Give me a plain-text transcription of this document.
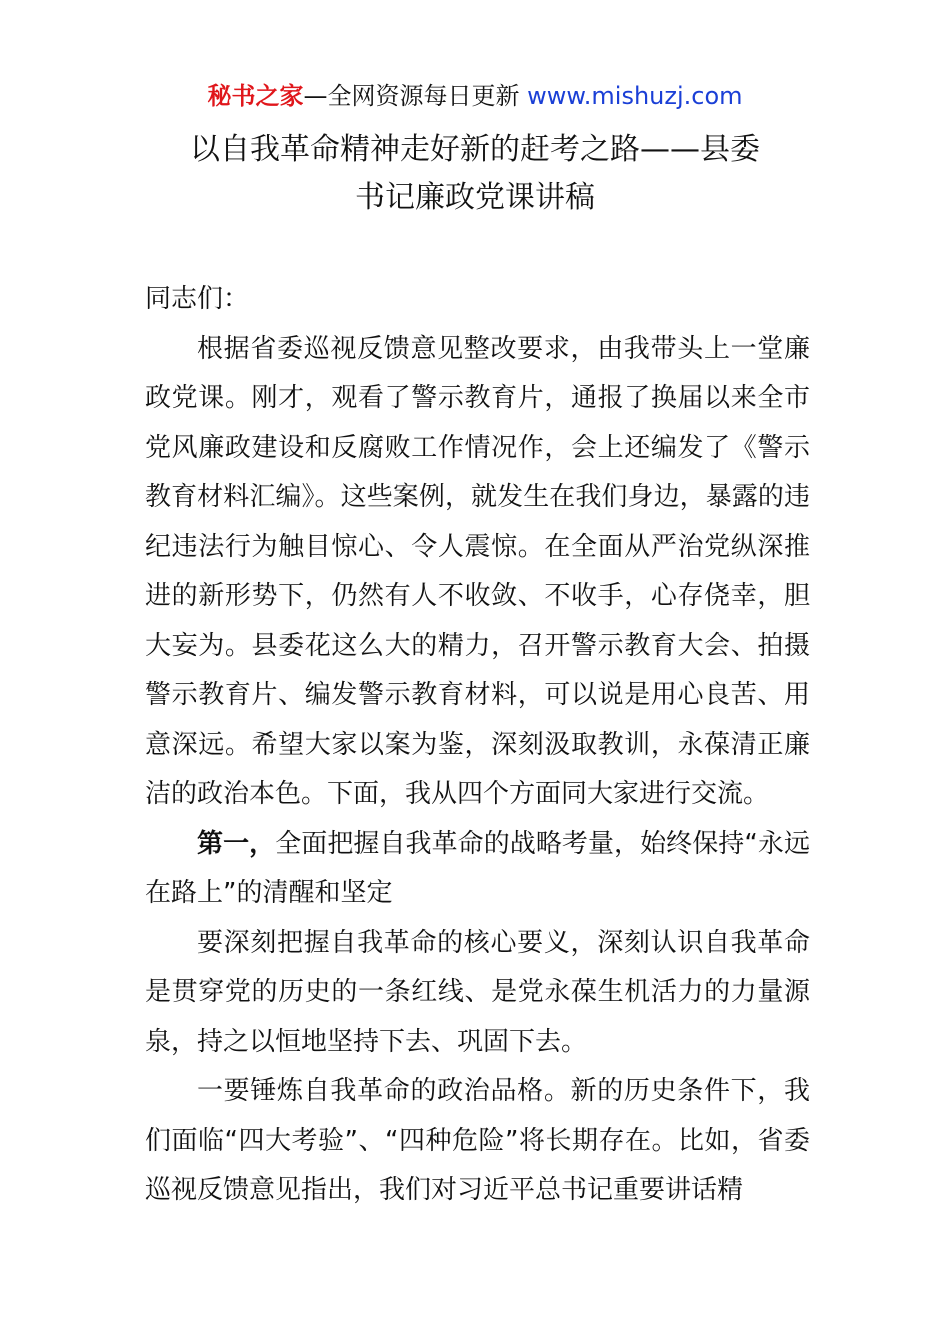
秘书之家—全网资源每日更新 www.mishuzj.com
以自我革命精神走好新的赶考之路——县委
书记廉政党课讲稿

同志们：

根据省委巡视反馈意见整改要求，由我带头上一堂廉政党课。刚才，观看了警示教育片，通报了换届以来全市党风廉政建设和反腐败工作情况作，会上还编发了《警示教育材料汇编》。这些案例，就发生在我们身边，暴露的违纪违法行为触目惊心、令人震惊。在全面从严治党纵深推进的新形势下，仍然有人不收敛、不收手，心存侥幸，胆大妄为。县委花这么大的精力，召开警示教育大会、拍摄警示教育片、编发警示教育材料，可以说是用心良苦、用意深远。希望大家以案为鉴，深刻汲取教训，永葆清正廉洁的政治本色。下面，我从四个方面同大家进行交流。

第一，全面把握自我革命的战略考量，始终保持“永远在路上”的清醒和坚定

要深刻把握自我革命的核心要义，深刻认识自我革命是贯穿党的历史的一条红线、是党永葆生机活力的力量源泉，持之以恒地坚持下去、巩固下去。

一要锤炼自我革命的政治品格。新的历史条件下，我们面临“四大考验”、“四种危险”将长期存在。比如，省委巡视反馈意见指出，我们对习近平总书记重要讲话精
